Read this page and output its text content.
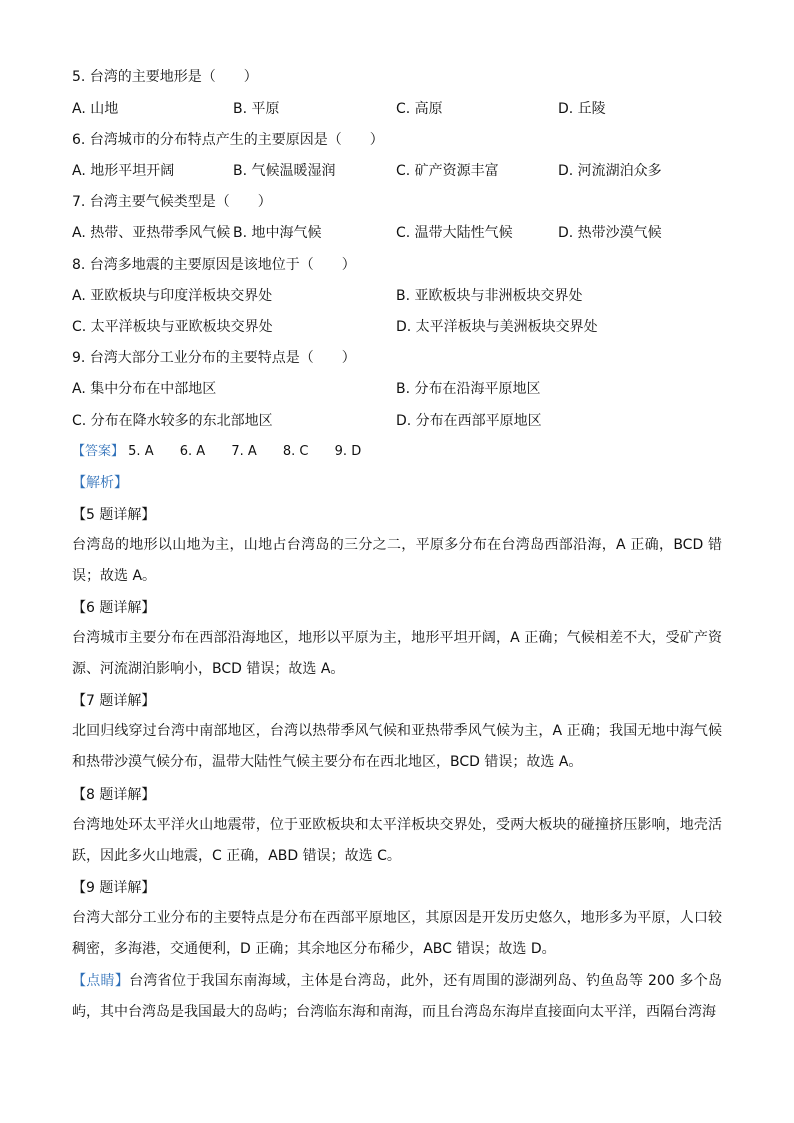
5. 台湾的主要地形是（　　）
A. 山地	B. 平原	C. 高原	D. 丘陵
6. 台湾城市的分布特点产生的主要原因是（　　）
A. 地形平坦开阔	B. 气候温暖湿润	C. 矿产资源丰富	D. 河流湖泊众多
7. 台湾主要气候类型是（　　）
A. 热带、亚热带季风气候 B. 地中海气候	C. 温带大陆性气候	D. 热带沙漠气候
8. 台湾多地震的主要原因是该地位于（　　）
A. 亚欧板块与印度洋板块交界处	B. 亚欧板块与非洲板块交界处
C. 太平洋板块与亚欧板块交界处	D. 太平洋板块与美洲板块交界处
9. 台湾大部分工业分布的主要特点是（　　）
A. 集中分布在中部地区	B. 分布在沿海平原地区
C. 分布在降水较多的东北部地区	D. 分布在西部平原地区
【答案】 5. A 6. A 7. A 8. C 9. D
【解析】
【5 题详解】
台湾岛的地形以山地为主，山地占台湾岛的三分之二，平原多分布在台湾岛西部沿海，A 正确，BCD 错误；故选 A。
【6 题详解】
台湾城市主要分布在西部沿海地区，地形以平原为主，地形平坦开阔，A 正确；气候相差不大，受矿产资源、河流湖泊影响小，BCD 错误；故选 A。
【7 题详解】
北回归线穿过台湾中南部地区，台湾以热带季风气候和亚热带季风气候为主，A 正确；我国无地中海气候和热带沙漠气候分布，温带大陆性气候主要分布在西北地区，BCD 错误；故选 A。
【8 题详解】
台湾地处环太平洋火山地震带，位于亚欧板块和太平洋板块交界处，受两大板块的碰撞挤压影响，地壳活跃，因此多火山地震，C 正确，ABD 错误；故选 C。
【9 题详解】
台湾大部分工业分布的主要特点是分布在西部平原地区，其原因是开发历史悠久，地形多为平原，人口较稠密，多海港，交通便利，D 正确；其余地区分布稀少，ABC 错误；故选 D。
【点睛】台湾省位于我国东南海域，主体是台湾岛，此外，还有周围的澎湖列岛、钓鱼岛等 200 多个岛屿，其中台湾岛是我国最大的岛屿；台湾临东海和南海，而且台湾岛东海岸直接面向太平洋，西隔台湾海
